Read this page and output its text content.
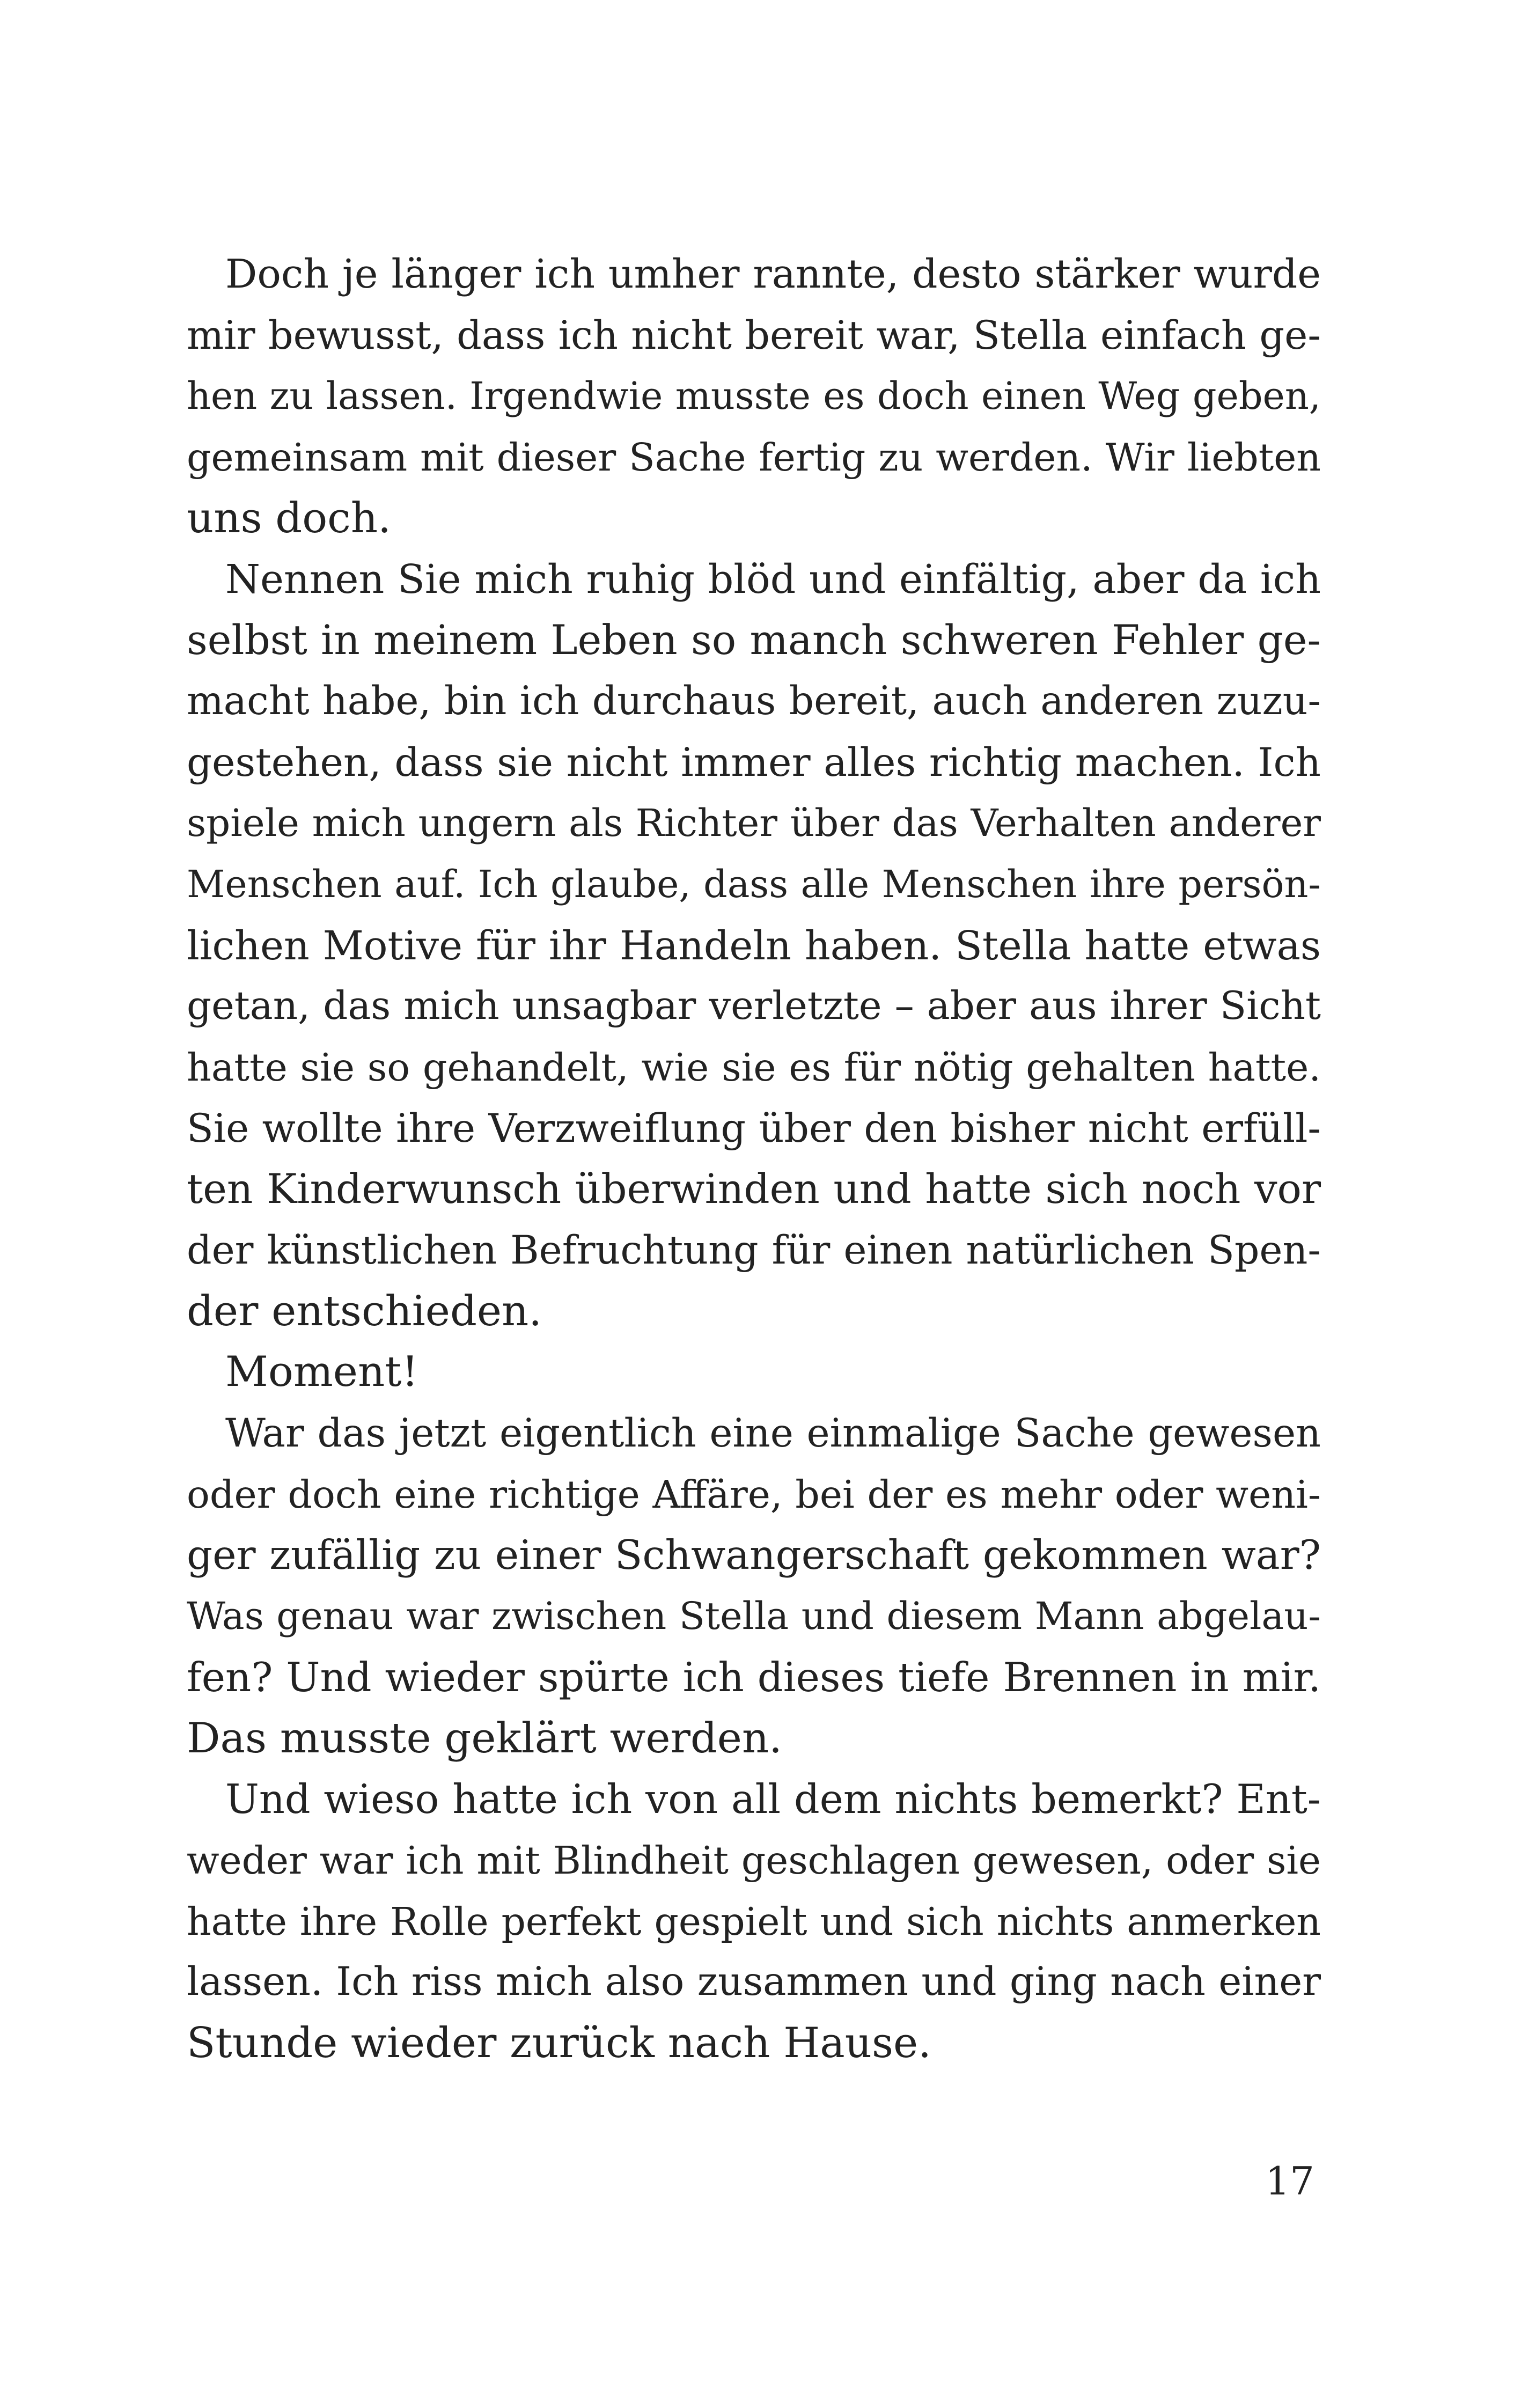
Doch je länger ich umher rannte, desto stärker wurde
mir bewusst, dass ich nicht bereit war, Stella einfach ge-
hen zu lassen. Irgendwie musste es doch einen Weg geben,
gemeinsam mit dieser Sache fertig zu werden. Wir liebten
uns doch.
Nennen Sie mich ruhig blöd und einfältig, aber da ich
selbst in meinem Leben so manch schweren Fehler ge-
macht habe, bin ich durchaus bereit, auch anderen zuzu-
gestehen, dass sie nicht immer alles richtig machen. Ich
spiele mich ungern als Richter über das Verhalten anderer
Menschen auf. Ich glaube, dass alle Menschen ihre persön-
lichen Motive für ihr Handeln haben. Stella hatte etwas
getan, das mich unsagbar verletzte – aber aus ihrer Sicht
hatte sie so gehandelt, wie sie es für nötig gehalten hatte.
Sie wollte ihre Verzweiflung über den bisher nicht erfüll-
ten Kinderwunsch überwinden und hatte sich noch vor
der künstlichen Befruchtung für einen natürlichen Spen-
der entschieden.
Moment!
War das jetzt eigentlich eine einmalige Sache gewesen
oder doch eine richtige Affäre, bei der es mehr oder weni-
ger zufällig zu einer Schwangerschaft gekommen war?
Was genau war zwischen Stella und diesem Mann abgelau-
fen? Und wieder spürte ich dieses tiefe Brennen in mir.
Das musste geklärt werden.
Und wieso hatte ich von all dem nichts bemerkt? Ent-
weder war ich mit Blindheit geschlagen gewesen, oder sie
hatte ihre Rolle perfekt gespielt und sich nichts anmerken
lassen. Ich riss mich also zusammen und ging nach einer
Stunde wieder zurück nach Hause.
17
